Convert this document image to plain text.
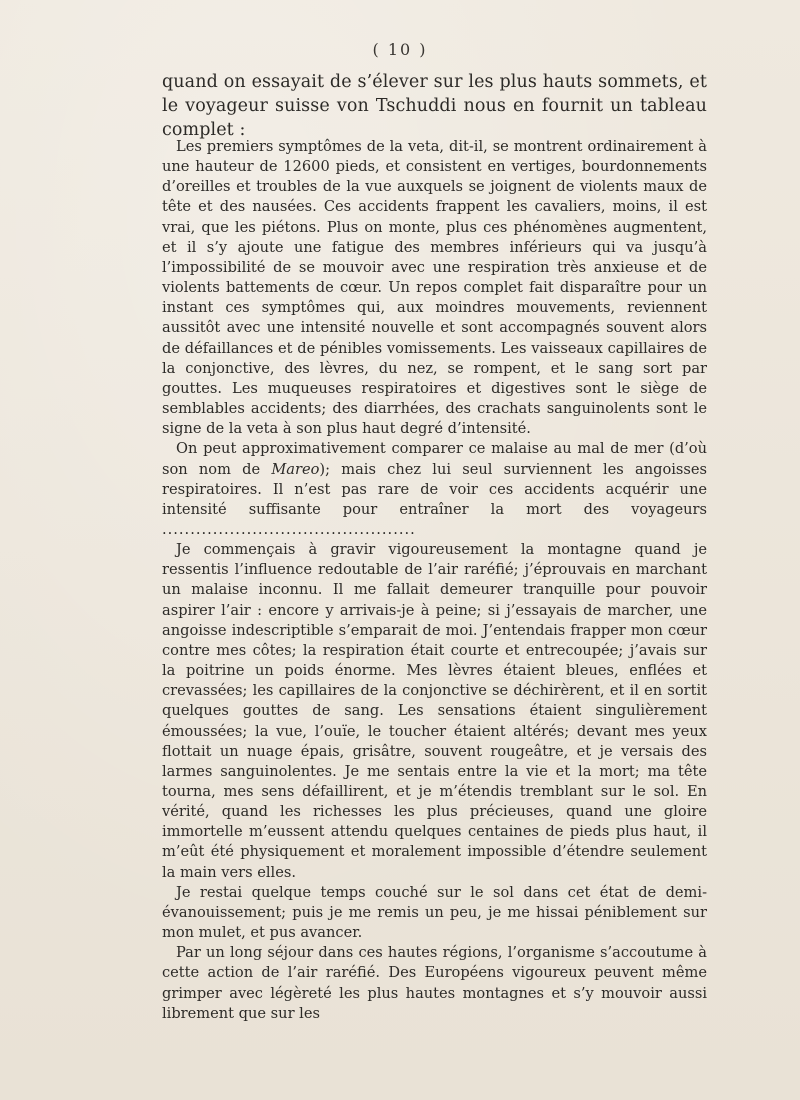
( 10 )

quand on essayait de s’élever sur les plus hauts sommets, et le voyageur suisse von Tschuddi nous en fournit un tableau complet :

Les premiers symptômes de la veta, dit-il, se montrent ordinairement à une hauteur de 12600 pieds, et consistent en vertiges, bourdonnements d’oreilles et troubles de la vue auxquels se joignent de violents maux de tête et des nausées. Ces accidents frappent les cavaliers, moins, il est vrai, que les piétons. Plus on monte, plus ces phénomènes augmentent, et il s’y ajoute une fatigue des membres inférieurs qui va jusqu’à l’impossibilité de se mouvoir avec une respiration très anxieuse et de violents battements de cœur. Un repos complet fait disparaître pour un instant ces symptômes qui, aux moindres mouvements, reviennent aussitôt avec une intensité nouvelle et sont accompagnés souvent alors de défaillances et de pénibles vomissements. Les vaisseaux capillaires de la conjonctive, des lèvres, du nez, se rompent, et le sang sort par gouttes. Les muqueuses respiratoires et digestives sont le siège de semblables accidents; des diarrhées, des crachats sanguinolents sont le signe de la veta à son plus haut degré d’intensité.

On peut approximativement comparer ce malaise au mal de mer (d’où son nom de Mareo); mais chez lui seul surviennent les angoisses respiratoires. Il n’est pas rare de voir ces accidents acquérir une intensité suffisante pour entraîner la mort des voyageurs .............................................

Je commençais à gravir vigoureusement la montagne quand je ressentis l’influence redoutable de l’air raréfié; j’éprouvais en marchant un malaise inconnu. Il me fallait demeurer tranquille pour pouvoir aspirer l’air : encore y arrivais-je à peine; si j’essayais de marcher, une angoisse indescriptible s’emparait de moi. J’entendais frapper mon cœur contre mes côtes; la respiration était courte et entrecoupée; j’avais sur la poitrine un poids énorme. Mes lèvres étaient bleues, enflées et crevassées; les capillaires de la conjonctive se déchirèrent, et il en sortit quelques gouttes de sang. Les sensations étaient singulièrement émoussées; la vue, l’ouïe, le toucher étaient altérés; devant mes yeux flottait un nuage épais, grisâtre, souvent rougeâtre, et je versais des larmes sanguinolentes. Je me sentais entre la vie et la mort; ma tête tourna, mes sens défaillirent, et je m’étendis tremblant sur le sol. En vérité, quand les richesses les plus précieuses, quand une gloire immortelle m’eussent attendu quelques centaines de pieds plus haut, il m’eût été physiquement et moralement impossible d’étendre seulement la main vers elles.

Je restai quelque temps couché sur le sol dans cet état de demi-évanouissement; puis je me remis un peu, je me hissai péniblement sur mon mulet, et pus avancer.

Par un long séjour dans ces hautes régions, l’organisme s’accoutume à cette action de l’air raréfié. Des Européens vigoureux peuvent même grimper avec légèreté les plus hautes montagnes et s’y mouvoir aussi librement que sur les
